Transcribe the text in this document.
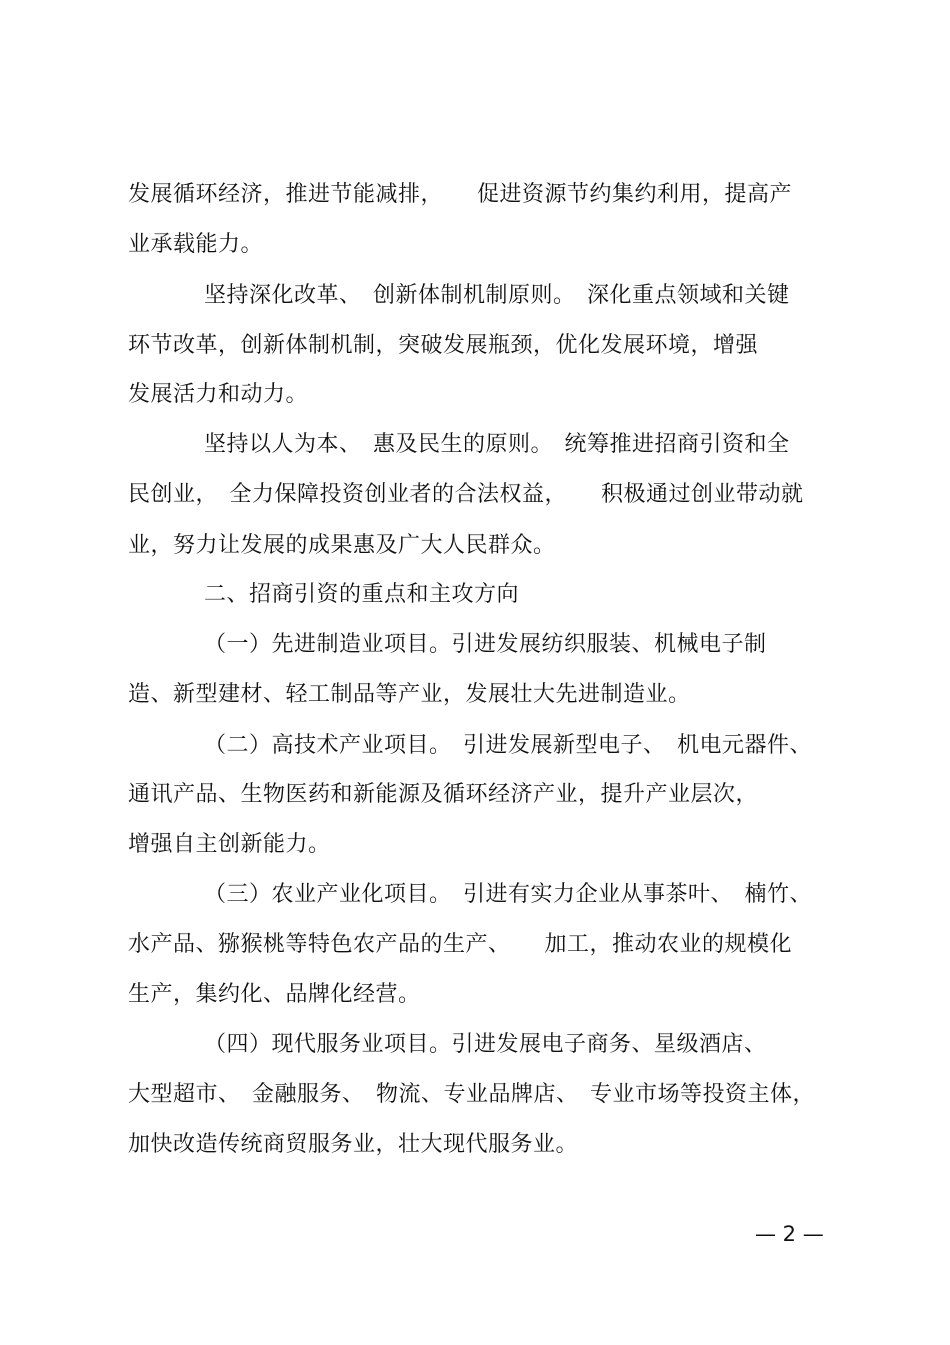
发展循环经济，推进节能减排，　　促进资源节约集约利用，提高产
业承载能力。
坚持深化改革、　创新体制机制原则。　深化重点领域和关键
环节改革，创新体制机制，突破发展瓶颈，优化发展环境，增强
发展活力和动力。
坚持以人为本、　惠及民生的原则。　统筹推进招商引资和全
民创业，　全力保障投资创业者的合法权益，　　积极通过创业带动就
业，努力让发展的成果惠及广大人民群众。
二、招商引资的重点和主攻方向
（一）先进制造业项目。引进发展纺织服装、机械电子制
造、新型建材、轻工制品等产业，发展壮大先进制造业。
（二）高技术产业项目。　引进发展新型电子、　机电元器件、
通讯产品、生物医药和新能源及循环经济产业，提升产业层次，
增强自主创新能力。
（三）农业产业化项目。　引进有实力企业从事茶叶、　楠竹、
水产品、猕猴桃等特色农产品的生产、　　加工，推动农业的规模化
生产，集约化、品牌化经营。
（四）现代服务业项目。引进发展电子商务、星级酒店、
大型超市、　金融服务、　物流、专业品牌店、　专业市场等投资主体，
加快改造传统商贸服务业，壮大现代服务业。
— 2 —
